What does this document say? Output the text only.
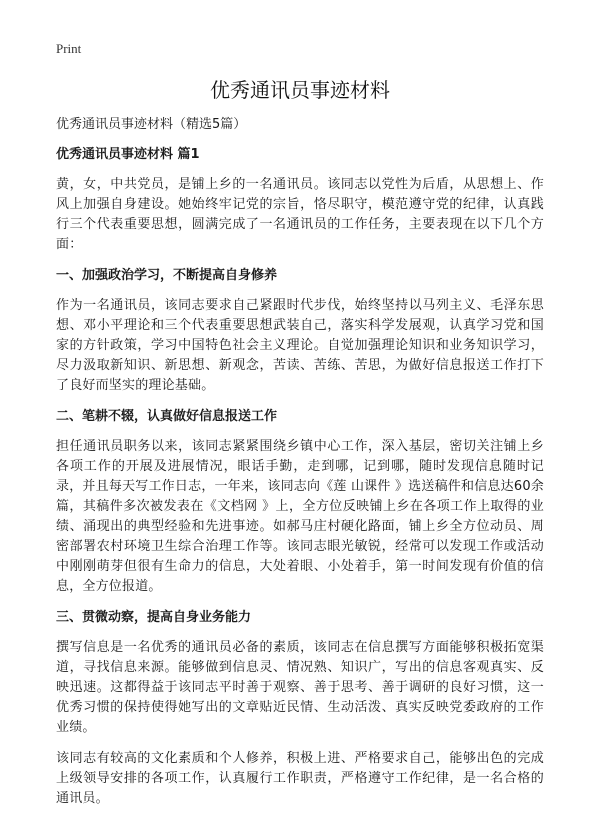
Print
优秀通讯员事迹材料

优秀通讯员事迹材料（精选5篇）

优秀通讯员事迹材料 篇1

黄，女，中共党员，是铺上乡的一名通讯员。该同志以党性为后盾，从思想上、作风上加强自身建设。她始终牢记党的宗旨，恪尽职守，模范遵守党的纪律，认真践行三个代表重要思想，圆满完成了一名通讯员的工作任务，主要表现在以下几个方面：

一、加强政治学习，不断提高自身修养

作为一名通讯员，该同志要求自己紧跟时代步伐，始终坚持以马列主义、毛泽东思想、邓小平理论和三个代表重要思想武装自己，落实科学发展观，认真学习党和国家的方针政策，学习中国特色社会主义理论。自觉加强理论知识和业务知识学习，尽力汲取新知识、新思想、新观念，苦读、苦练、苦思，为做好信息报送工作打下了良好而坚实的理论基础。

二、笔耕不辍，认真做好信息报送工作

担任通讯员职务以来，该同志紧紧围绕乡镇中心工作，深入基层，密切关注铺上乡各项工作的开展及进展情况，眼话手勤，走到哪，记到哪，随时发现信息随时记录，并且每天写工作日志，一年来，该同志向《莲 山课件 》选送稿件和信息达60余篇，其稿件多次被发表在《文档网 》上，全方位反映铺上乡在各项工作上取得的业绩、涌现出的典型经验和先进事迹。如郝马庄村硬化路面，铺上乡全方位动员、周密部署农村环境卫生综合治理工作等。该同志眼光敏锐，经常可以发现工作或活动中刚刚萌芽但很有生命力的信息，大处着眼、小处着手，第一时间发现有价值的信息，全方位报道。

三、贯微动察，提高自身业务能力

撰写信息是一名优秀的通讯员必备的素质，该同志在信息撰写方面能够积极拓宽渠道，寻找信息来源。能够做到信息灵、情况熟、知识广，写出的信息客观真实、反映迅速。这都得益于该同志平时善于观察、善于思考、善于调研的良好习惯，这一优秀习惯的保持使得她写出的文章贴近民情、生动活泼、真实反映党委政府的工作业绩。

该同志有较高的文化素质和个人修养，积极上进、严格要求自己，能够出色的完成上级领导安排的各项工作，认真履行工作职责，严格遵守工作纪律，是一名合格的通讯员。
